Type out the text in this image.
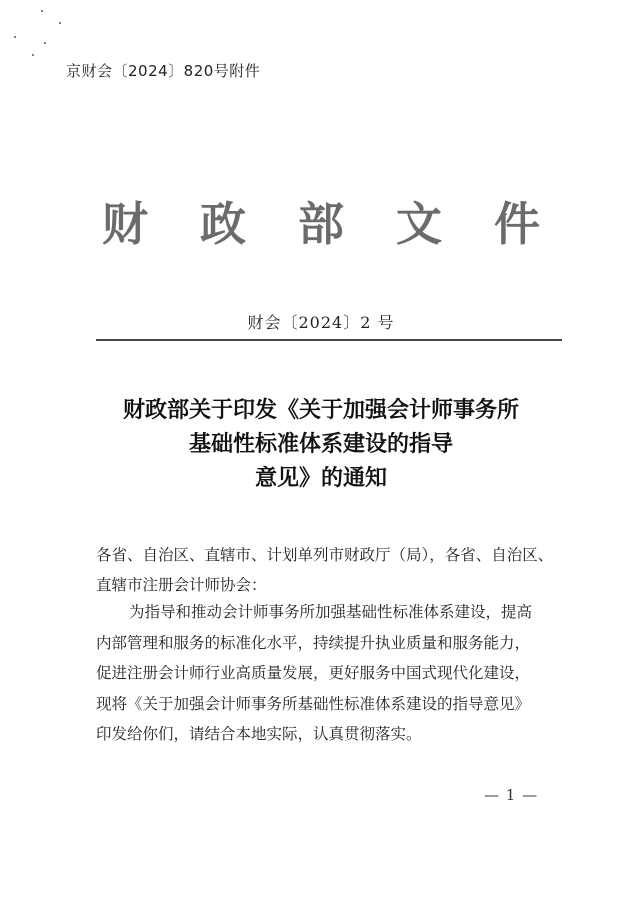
京财会〔2024〕820号附件
财 政 部 文 件
财会〔2024〕2 号
财政部关于印发《关于加强会计师事务所
基础性标准体系建设的指导
意见》的通知
各省、自治区、直辖市、计划单列市财政厅（局），各省、自治区、
直辖市注册会计师协会：
为指导和推动会计师事务所加强基础性标准体系建设，提高
内部管理和服务的标准化水平，持续提升执业质量和服务能力，
促进注册会计师行业高质量发展，更好服务中国式现代化建设，
现将《关于加强会计师事务所基础性标准体系建设的指导意见》
印发给你们，请结合本地实际，认真贯彻落实。
— 1 —
